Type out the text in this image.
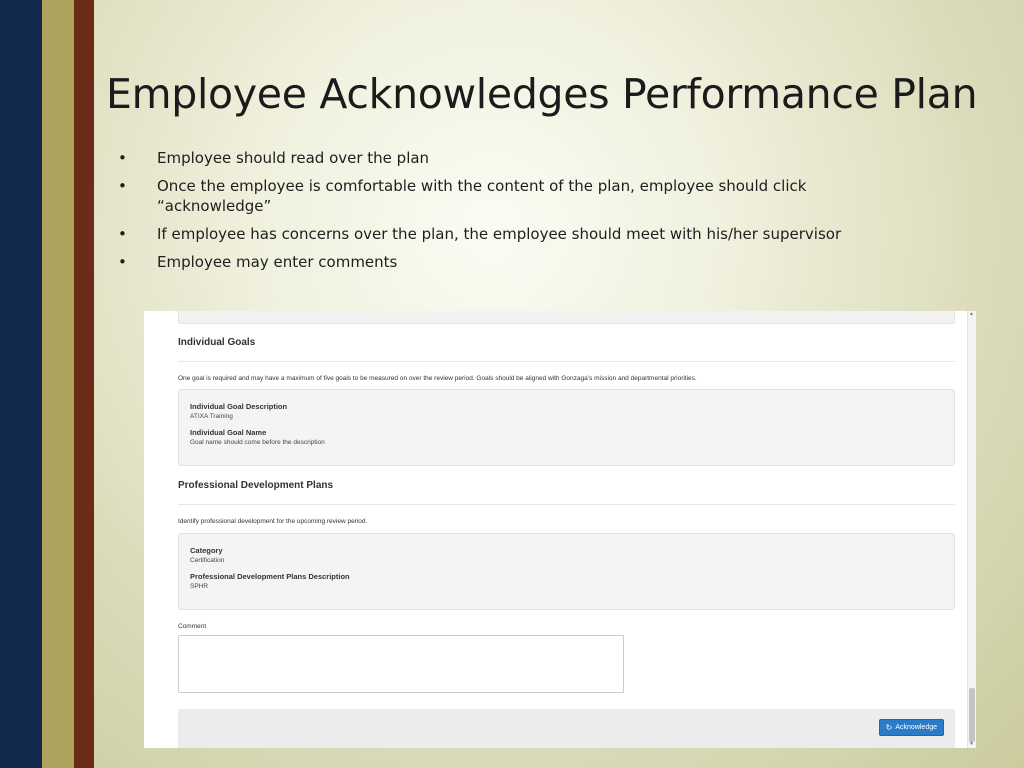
Employee Acknowledges Performance Plan
• Employee should read over the plan
• Once the employee is comfortable with the content of the plan, employee should click “acknowledge”
• If employee has concerns over the plan, the employee should meet with his/her supervisor
• Employee may enter comments
Individual Goals
One goal is required and may have a maximum of five goals to be measured on over the review period. Goals should be aligned with Gonzaga’s mission and departmental priorities.
Individual Goal Description
ATIXA Training
Individual Goal Name
Goal name should come before the description
Professional Development Plans
Identify professional development for the upcoming review period.
Category
Certification
Professional Development Plans Description
SPHR
Comment
↻ Acknowledge
▲
▼
